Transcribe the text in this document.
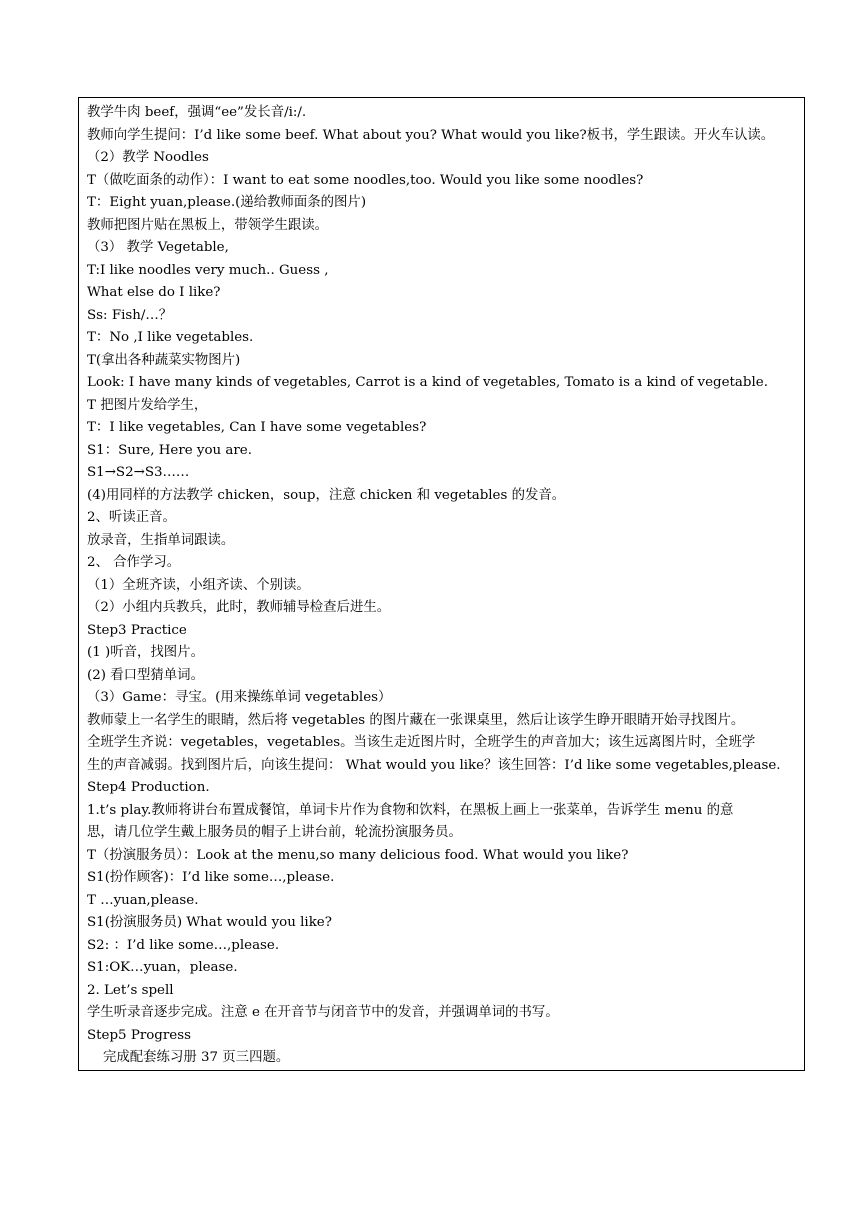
教学牛肉 beef，强调“ee”发长音/i:/.
教师向学生提问：I’d like some beef. What about you? What would you like?板书，学生跟读。开火车认读。
（2）教学 Noodles
T（做吃面条的动作）：I want to eat some noodles,too. Would you like some noodles?
T：Eight yuan,please.(递给教师面条的图片)
教师把图片贴在黑板上，带领学生跟读。
（3） 教学 Vegetable,
T:I like noodles very much.. Guess ,
What else do I like?
Ss: Fish/…？
T：No ,I like vegetables.
T(拿出各种蔬菜实物图片)
Look: I have many kinds of vegetables, Carrot is a kind of vegetables, Tomato is a kind of vegetable.
T 把图片发给学生，
T：I like vegetables, Can I have some vegetables?
S1：Sure, Here you are.
S1→S2→S3……
(4)用同样的方法教学 chicken，soup，注意 chicken 和 vegetables 的发音。
2、听读正音。
放录音，生指单词跟读。
2、 合作学习。
（1）全班齐读，小组齐读、个别读。
（2）小组内兵教兵，此时，教师辅导检查后进生。
Step3 Practice
(1 )听音，找图片。
(2) 看口型猜单词。
（3）Game：寻宝。(用来操练单词 vegetables）
教师蒙上一名学生的眼睛，然后将 vegetables 的图片藏在一张课桌里，然后让该学生睁开眼睛开始寻找图片。
全班学生齐说：vegetables，vegetables。当该生走近图片时，全班学生的声音加大；该生远离图片时，全班学
生的声音减弱。找到图片后，向该生提问： What would you like？该生回答：I’d like some vegetables,please.
Step4 Production.
1.t’s play.教师将讲台布置成餐馆，单词卡片作为食物和饮料，在黑板上画上一张菜单，告诉学生 menu 的意
思，请几位学生戴上服务员的帽子上讲台前，轮流扮演服务员。
T（扮演服务员）：Look at the menu,so many delicious food. What would you like?
S1(扮作顾客)：I’d like some…,please.
T …yuan,please.
S1(扮演服务员) What would you like?
S2: ：I’d like some…,please.
S1:OK…yuan，please.
2. Let’s spell
学生听录音逐步完成。注意 e 在开音节与闭音节中的发音，并强调单词的书写。
Step5 Progress
完成配套练习册 37 页三四题。
